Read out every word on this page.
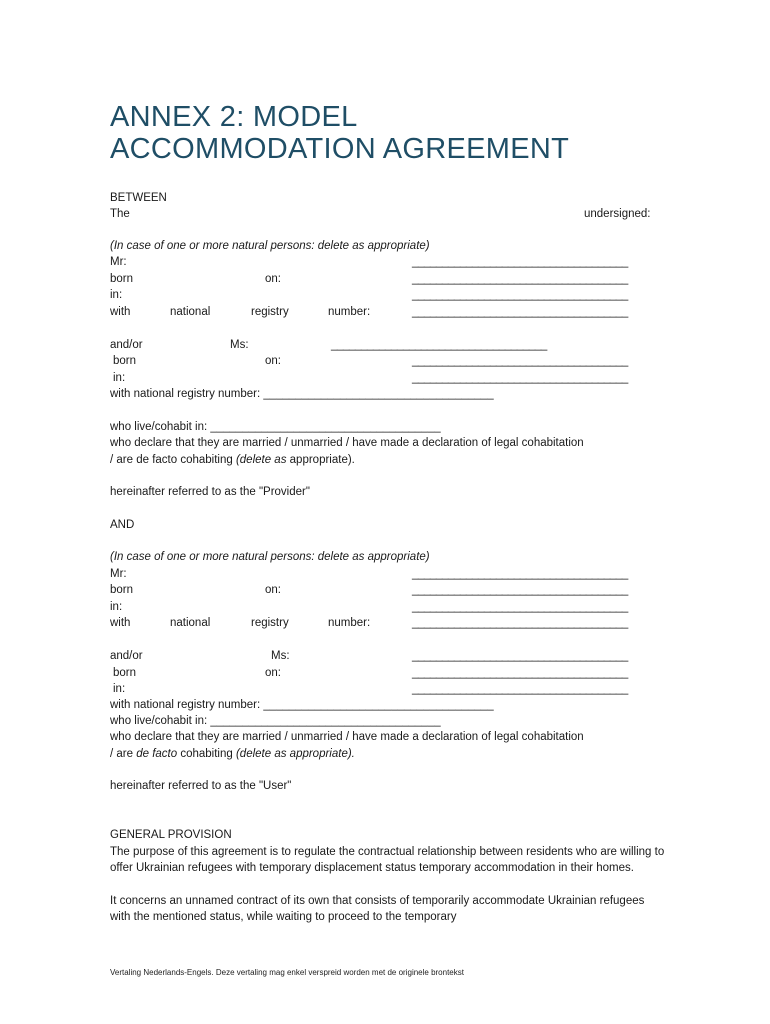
ANNEX 2: MODEL
ACCOMMODATION AGREEMENT
BETWEEN
The	undersigned:
(In case of one or more natural persons: delete as appropriate)
Mr:	____________________________________
born	on:	____________________________________
in:	____________________________________
with	national	registry	number:	____________________________________
and/or	Ms:	____________________________________
born	on:	____________________________________
in:	____________________________________
with national registry number: ____________________________________
who live/cohabit in: ____________________________________
who declare that they are married / unmarried / have made a declaration of legal cohabitation
/ are de facto cohabiting (delete as appropriate).
hereinafter referred to as the "Provider"
AND
(In case of one or more natural persons: delete as appropriate)
Mr:	____________________________________
born	on:	____________________________________
in:	____________________________________
with	national	registry	number:	____________________________________
and/or	Ms:	____________________________________
born	on:	____________________________________
in:	____________________________________
with national registry number: ____________________________________
who live/cohabit in: ____________________________________
who declare that they are married / unmarried / have made a declaration of legal cohabitation
/ are de facto cohabiting (delete as appropriate).
hereinafter referred to as the "User"
GENERAL PROVISION
The purpose of this agreement is to regulate the contractual relationship between residents who are willing to offer Ukrainian refugees with temporary displacement status temporary accommodation in their homes.
It concerns an unnamed contract of its own that consists of temporarily accommodate Ukrainian refugees with the mentioned status, while waiting to proceed to the temporary
Vertaling Nederlands-Engels. Deze vertaling mag enkel verspreid worden met de originele brontekst
